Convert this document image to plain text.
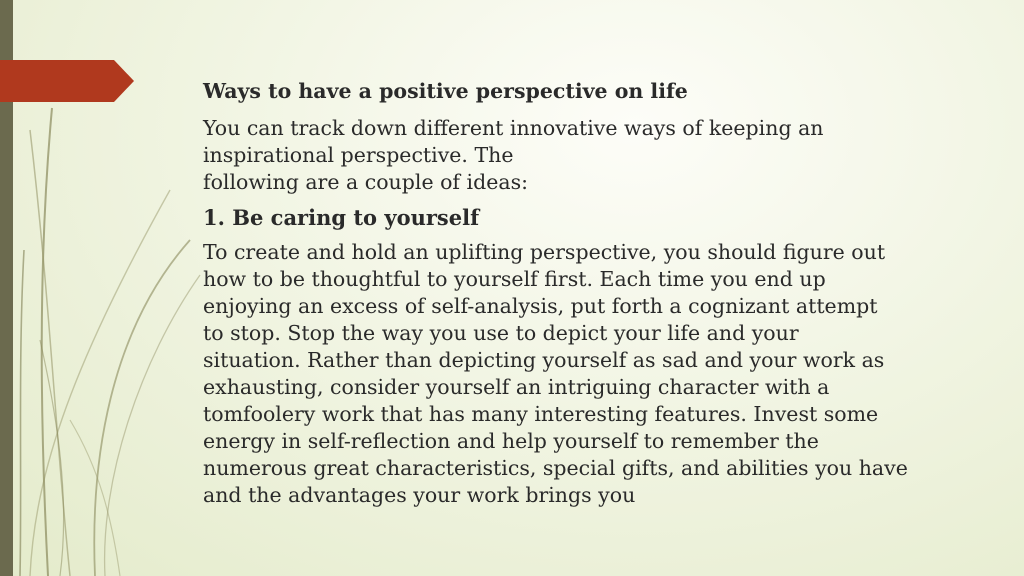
Ways to have a positive perspective on life

You can track down different innovative ways of keeping an
inspirational perspective. The
following are a couple of ideas:

1. Be caring to yourself

To create and hold an uplifting perspective, you should figure out
how to be thoughtful to yourself first. Each time you end up
enjoying an excess of self-analysis, put forth a cognizant attempt
to stop. Stop the way you use to depict your life and your
situation. Rather than depicting yourself as sad and your work as
exhausting, consider yourself an intriguing character with a
tomfoolery work that has many interesting features. Invest some
energy in self-reflection and help yourself to remember the
numerous great characteristics, special gifts, and abilities you have
and the advantages your work brings you
